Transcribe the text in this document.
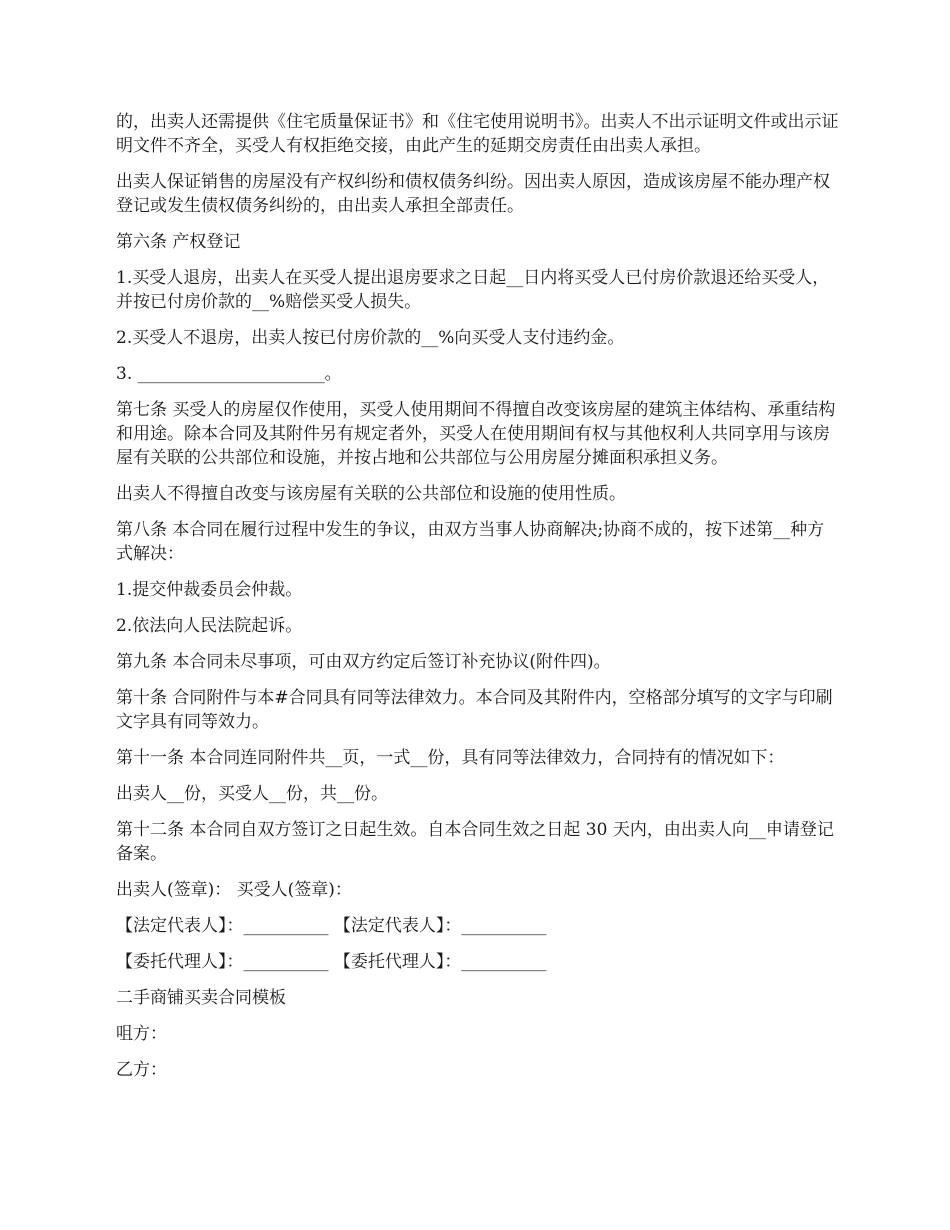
的，出卖人还需提供《住宅质量保证书》和《住宅使用说明书》。出卖人不出示证明文件或出示证明文件不齐全，买受人有权拒绝交接，由此产生的延期交房责任由出卖人承担。

出卖人保证销售的房屋没有产权纠纷和债权债务纠纷。因出卖人原因，造成该房屋不能办理产权登记或发生债权债务纠纷的，由出卖人承担全部责任。

第六条 产权登记

1.买受人退房，出卖人在买受人提出退房要求之日起__日内将买受人已付房价款退还给买受人，并按已付房价款的__%赔偿买受人损失。

2.买受人不退房，出卖人按已付房价款的__%向买受人支付违约金。

3. ______________________。

第七条 买受人的房屋仅作使用，买受人使用期间不得擅自改变该房屋的建筑主体结构、承重结构和用途。除本合同及其附件另有规定者外，买受人在使用期间有权与其他权利人共同享用与该房屋有关联的公共部位和设施，并按占地和公共部位与公用房屋分摊面积承担义务。

出卖人不得擅自改变与该房屋有关联的公共部位和设施的使用性质。

第八条 本合同在履行过程中发生的争议，由双方当事人协商解决;协商不成的，按下述第__种方式解决：

1.提交仲裁委员会仲裁。

2.依法向人民法院起诉。

第九条 本合同未尽事项，可由双方约定后签订补充协议(附件四)。

第十条 合同附件与本#合同具有同等法律效力。本合同及其附件内，空格部分填写的文字与印刷文字具有同等效力。

第十一条 本合同连同附件共__页，一式__份，具有同等法律效力，合同持有的情况如下：

出卖人__份，买受人__份，共__份。

第十二条 本合同自双方签订之日起生效。自本合同生效之日起 30 天内，由出卖人向__申请登记备案。

出卖人(签章)： 买受人(签章)：

【法定代表人】：__________ 【法定代表人】：__________

【委托代理人】：__________ 【委托代理人】：__________

二手商铺买卖合同模板

咀方：

乙方：
